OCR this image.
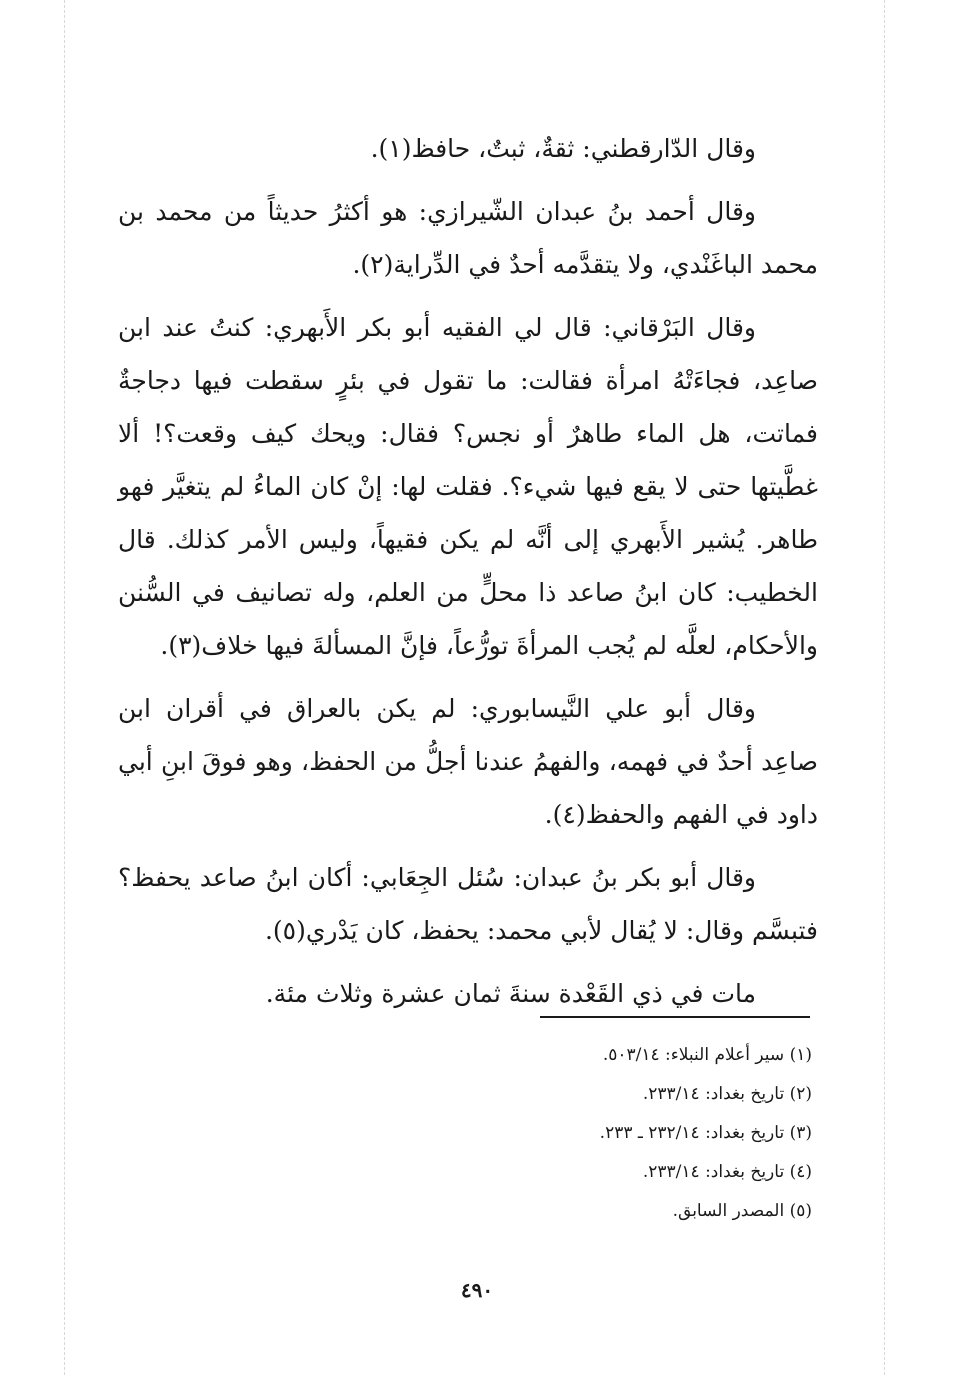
وقال الدّارقطني: ثقةٌ، ثبتٌ، حافظ(١).

وقال أحمد بنُ عبدان الشّيرازي: هو أكثرُ حديثاً من محمد بن محمد الباغَنْدي، ولا يتقدَّمه أحدٌ في الدِّراية(٢).

وقال البَرْقاني: قال لي الفقيه أبو بكر الأَبهري: كنتُ عند ابن صاعِد، فجاءَتْهُ امرأة فقالت: ما تقول في بئرٍ سقطت فيها دجاجةٌ فماتت، هل الماء طاهرٌ أو نجس؟ فقال: ويحك كيف وقعت؟! ألا غطَّيتها حتى لا يقع فيها شيء؟. فقلت لها: إنْ كان الماءُ لم يتغيَّر فهو طاهر. يُشير الأَبهري إلى أنَّه لم يكن فقيهاً، وليس الأمر كذلك. قال الخطيب: كان ابنُ صاعد ذا محلٍّ من العلم، وله تصانيف في السُّنن والأحكام، لعلَّه لم يُجب المرأةَ تورُّعاً، فإنَّ المسألةَ فيها خلاف(٣).

وقال أبو علي النَّيسابوري: لم يكن بالعراق في أقران ابن صاعِد أحدٌ في فهمه، والفهمُ عندنا أجلُّ من الحفظ، وهو فوقَ ابنِ أبي داود في الفهم والحفظ(٤).

وقال أبو بكر بنُ عبدان: سُئل الجِعَابي: أكان ابنُ صاعد يحفظ؟ فتبسَّم وقال: لا يُقال لأبي محمد: يحفظ، كان يَدْري(٥).

مات في ذي القَعْدة سنةَ ثمان عشرة وثلاث مئة.

(١) سير أعلام النبلاء: ٥٠٣/١٤.
(٢) تاريخ بغداد: ٢٣٣/١٤.
(٣) تاريخ بغداد: ٢٣٢/١٤ ـ ٢٣٣.
(٤) تاريخ بغداد: ٢٣٣/١٤.
(٥) المصدر السابق.
٤٩٠
